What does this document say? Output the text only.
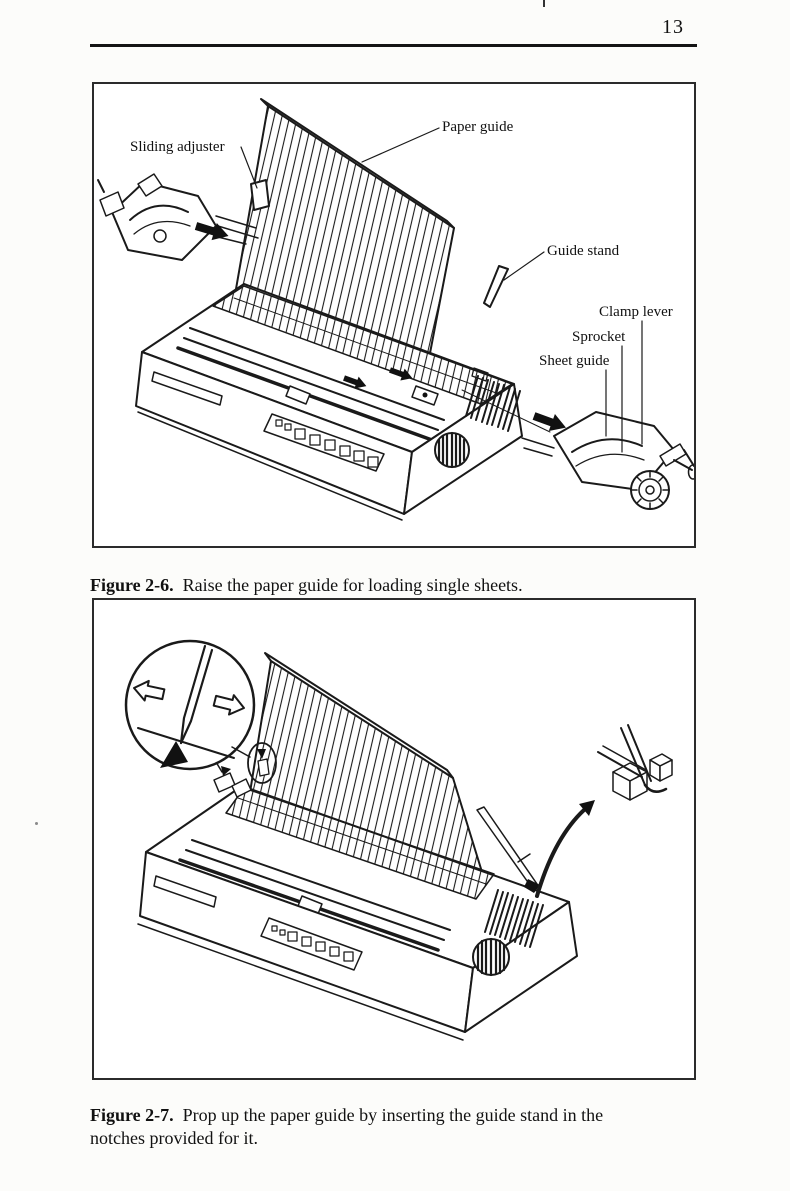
13
Sliding adjuster
Paper guide
Guide stand
Clamp lever
Sprocket
Sheet guide

Figure 2-6. Raise the paper guide for loading single sheets.

Figure 2-7. Prop up the paper guide by inserting the guide stand in the notches provided for it.
